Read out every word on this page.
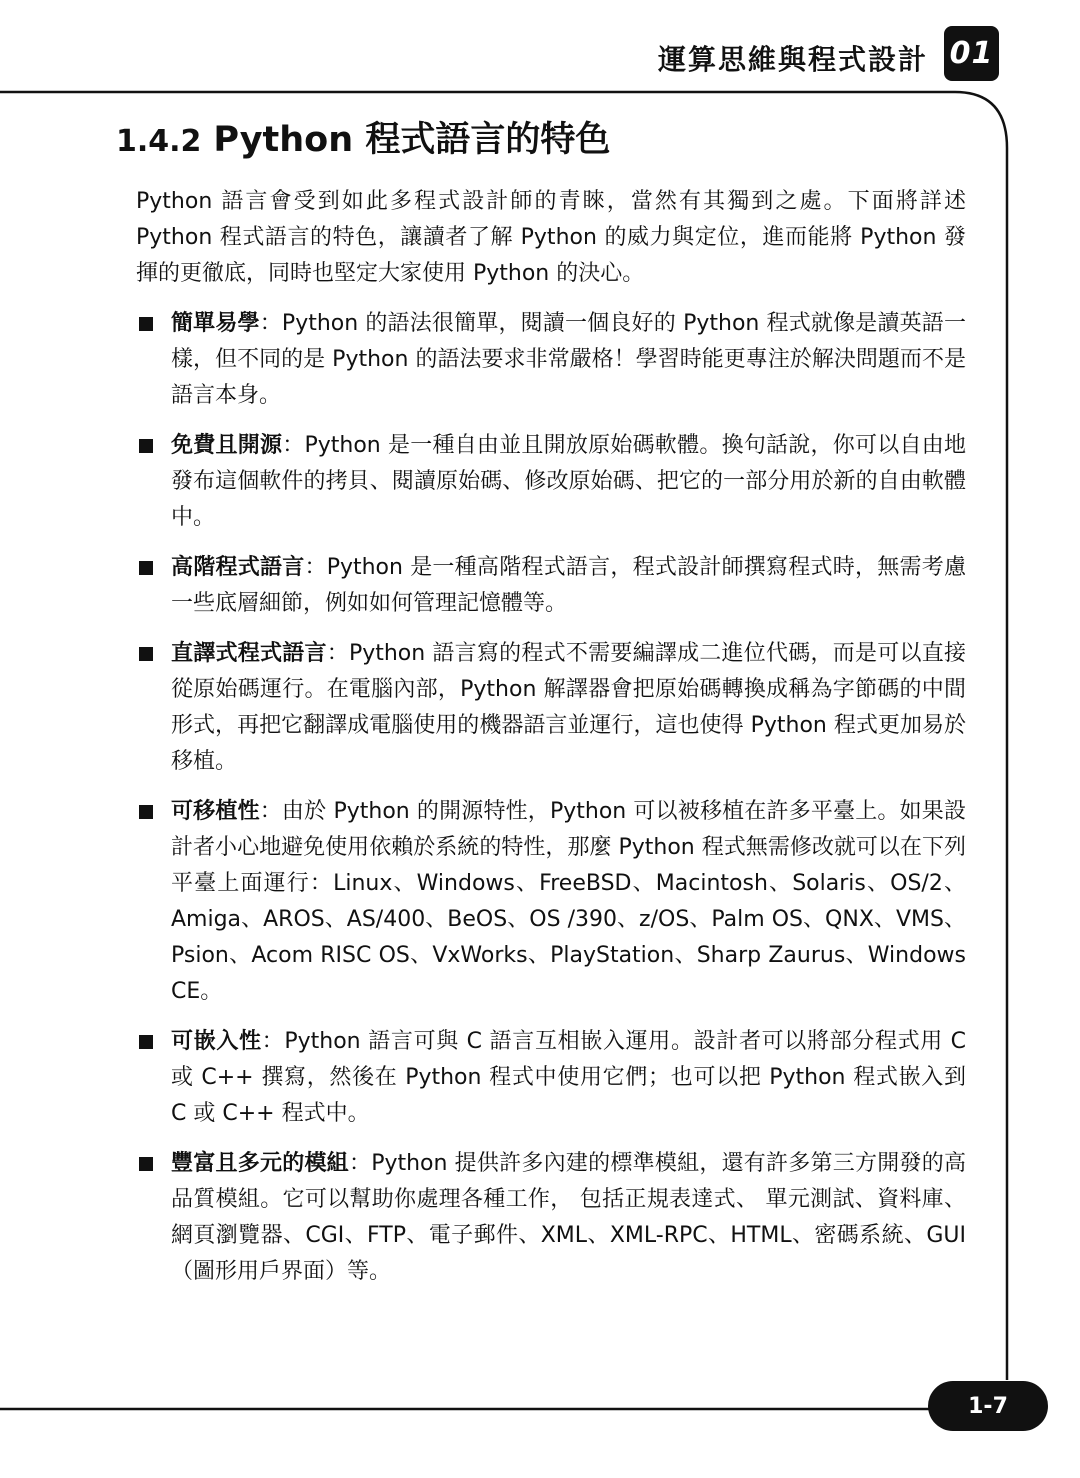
運算思維與程式設計 01
1.4.2 Python 程式語言的特色

Python 語言會受到如此多程式設計師的青睞，當然有其獨到之處。下面將詳述 Python 程式語言的特色，讓讀者了解 Python 的威力與定位，進而能將 Python 發揮的更徹底，同時也堅定大家使用 Python 的決心。

簡單易學：Python 的語法很簡單，閱讀一個良好的 Python 程式就像是讀英語一樣，但不同的是 Python 的語法要求非常嚴格！學習時能更專注於解決問題而不是語言本身。
免費且開源：Python 是一種自由並且開放原始碼軟體。換句話說，你可以自由地發布這個軟件的拷貝、閱讀原始碼、修改原始碼、把它的一部分用於新的自由軟體中。
高階程式語言：Python 是一種高階程式語言，程式設計師撰寫程式時，無需考慮一些底層細節，例如如何管理記憶體等。
直譯式程式語言：Python 語言寫的程式不需要編譯成二進位代碼，而是可以直接從原始碼運行。在電腦內部，Python 解譯器會把原始碼轉換成稱為字節碼的中間形式，再把它翻譯成電腦使用的機器語言並運行，這也使得 Python 程式更加易於移植。
可移植性：由於 Python 的開源特性，Python 可以被移植在許多平臺上。如果設計者小心地避免使用依賴於系統的特性，那麼 Python 程式無需修改就可以在下列平臺上面運行：Linux、Windows、FreeBSD、Macintosh、Solaris、OS/2、Amiga、AROS、AS/400、BeOS、OS /390、z/OS、Palm OS、QNX、VMS、Psion、Acom RISC OS、VxWorks、PlayStation、Sharp Zaurus、Windows CE。
可嵌入性：Python 語言可與 C 語言互相嵌入運用。設計者可以將部分程式用 C 或 C++ 撰寫，然後在 Python 程式中使用它們；也可以把 Python 程式嵌入到 C 或 C++ 程式中。
豐富且多元的模組：Python 提供許多內建的標準模組，還有許多第三方開發的高品質模組。它可以幫助你處理各種工作， 包括正規表達式、 單元測試、資料庫、網頁瀏覽器、CGI、FTP、電子郵件、XML、XML-RPC、HTML、密碼系統、GUI（圖形用戶界面）等。
1-7
